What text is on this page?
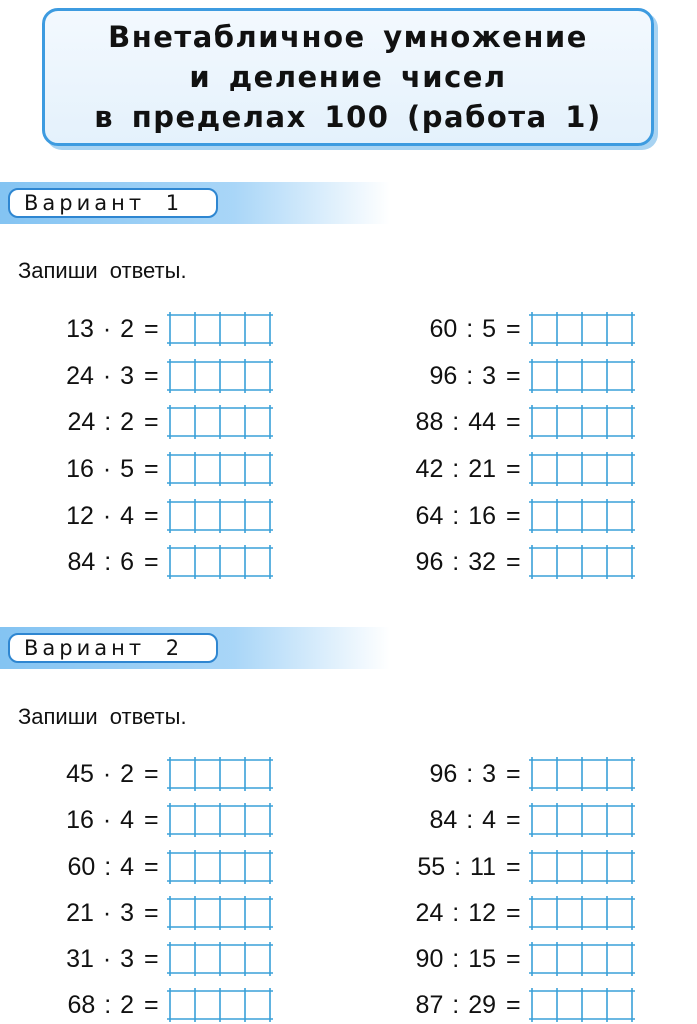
Внетабличное умножение
и деление чисел
в пределах 100 (работа 1)
Вариант 1
Запиши ответы.
13 · 2 =
24 · 3 =
24 : 2 =
16 · 5 =
12 · 4 =
84 : 6 =
60 : 5 =
96 : 3 =
88 : 44 =
42 : 21 =
64 : 16 =
96 : 32 =
Вариант 2
Запиши ответы.
45 · 2 =
16 · 4 =
60 : 4 =
21 · 3 =
31 · 3 =
68 : 2 =
96 : 3 =
84 : 4 =
55 : 11 =
24 : 12 =
90 : 15 =
87 : 29 =
